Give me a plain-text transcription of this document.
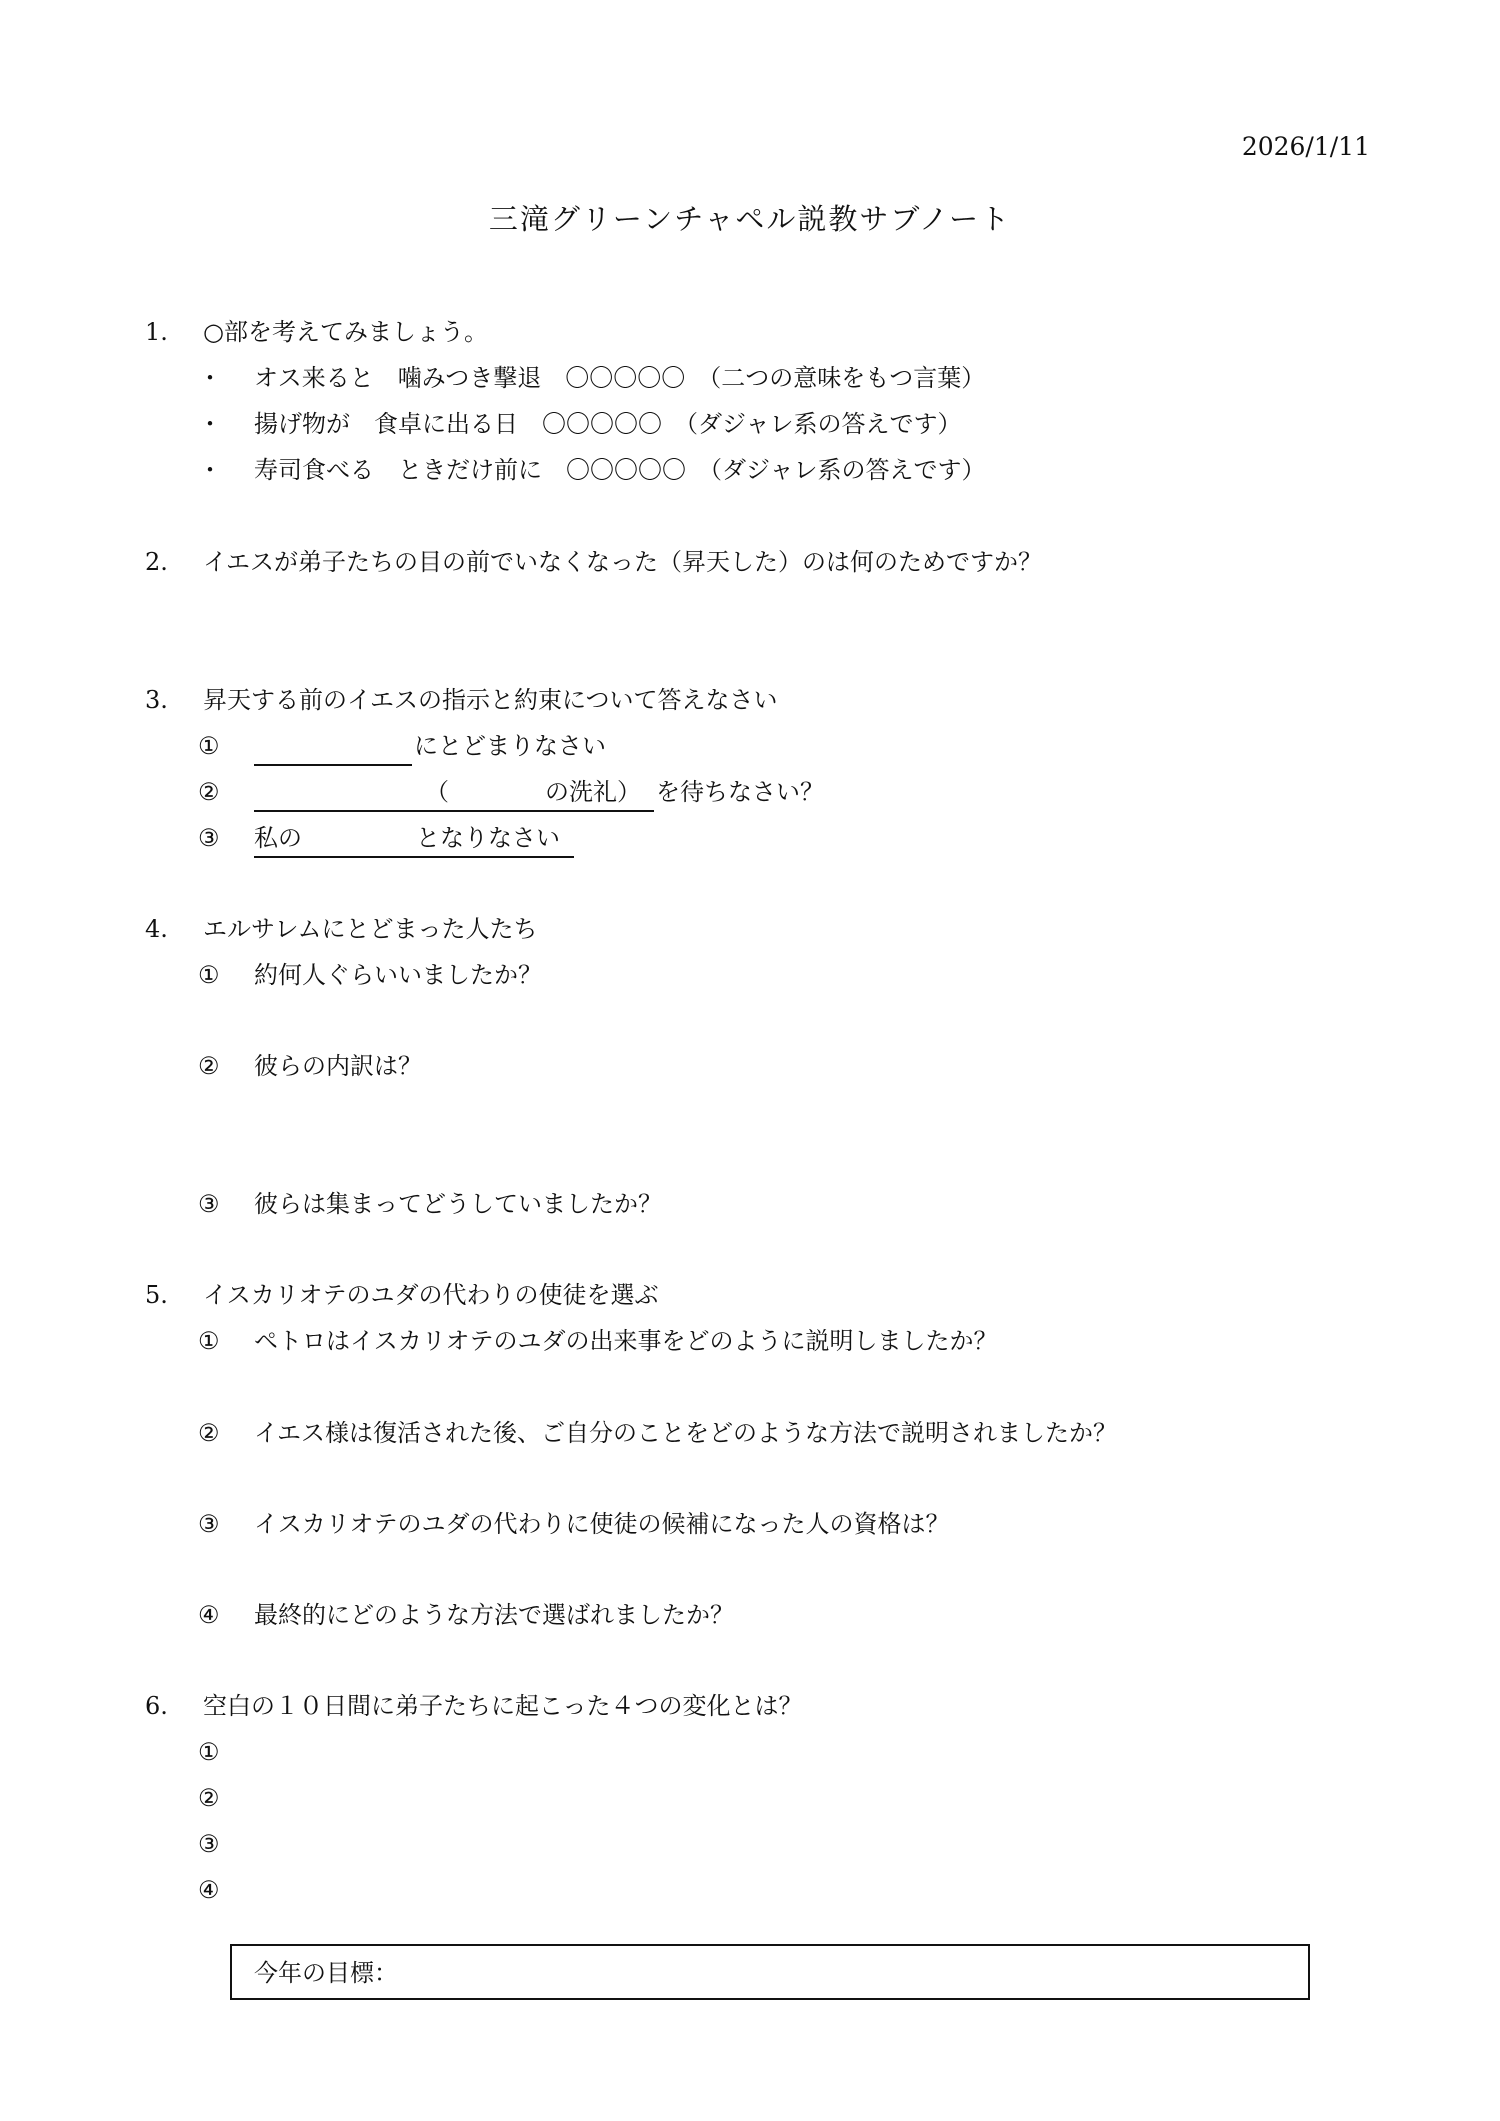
2026/1/11
三滝グリーンチャペル説教サブノート
1. ○部を考えてみましょう。
・ オス来ると　噛みつき撃退　〇〇〇〇〇　（二つの意味をもつ言葉）
・ 揚げ物が　食卓に出る日　〇〇〇〇〇　（ダジャレ系の答えです）
・ 寿司食べる　ときだけ前に　〇〇〇〇〇　（ダジャレ系の答えです）
2. イエスが弟子たちの目の前でいなくなった（昇天した）のは何のためですか？
3. 昇天する前のイエスの指示と約束について答えなさい
①	にとどまりなさい
②	（	の洗礼） を待ちなさい？
③ 私の	となりなさい
4. エルサレムにとどまった人たち
① 約何人ぐらいいましたか？
② 彼らの内訳は？
③ 彼らは集まってどうしていましたか？
5. イスカリオテのユダの代わりの使徒を選ぶ
① ペトロはイスカリオテのユダの出来事をどのように説明しましたか？
② イエス様は復活された後、ご自分のことをどのような方法で説明されましたか？
③ イスカリオテのユダの代わりに使徒の候補になった人の資格は？
④ 最終的にどのような方法で選ばれましたか？
6. 空白の１０日間に弟子たちに起こった４つの変化とは？
①
②
③
④
今年の目標：
